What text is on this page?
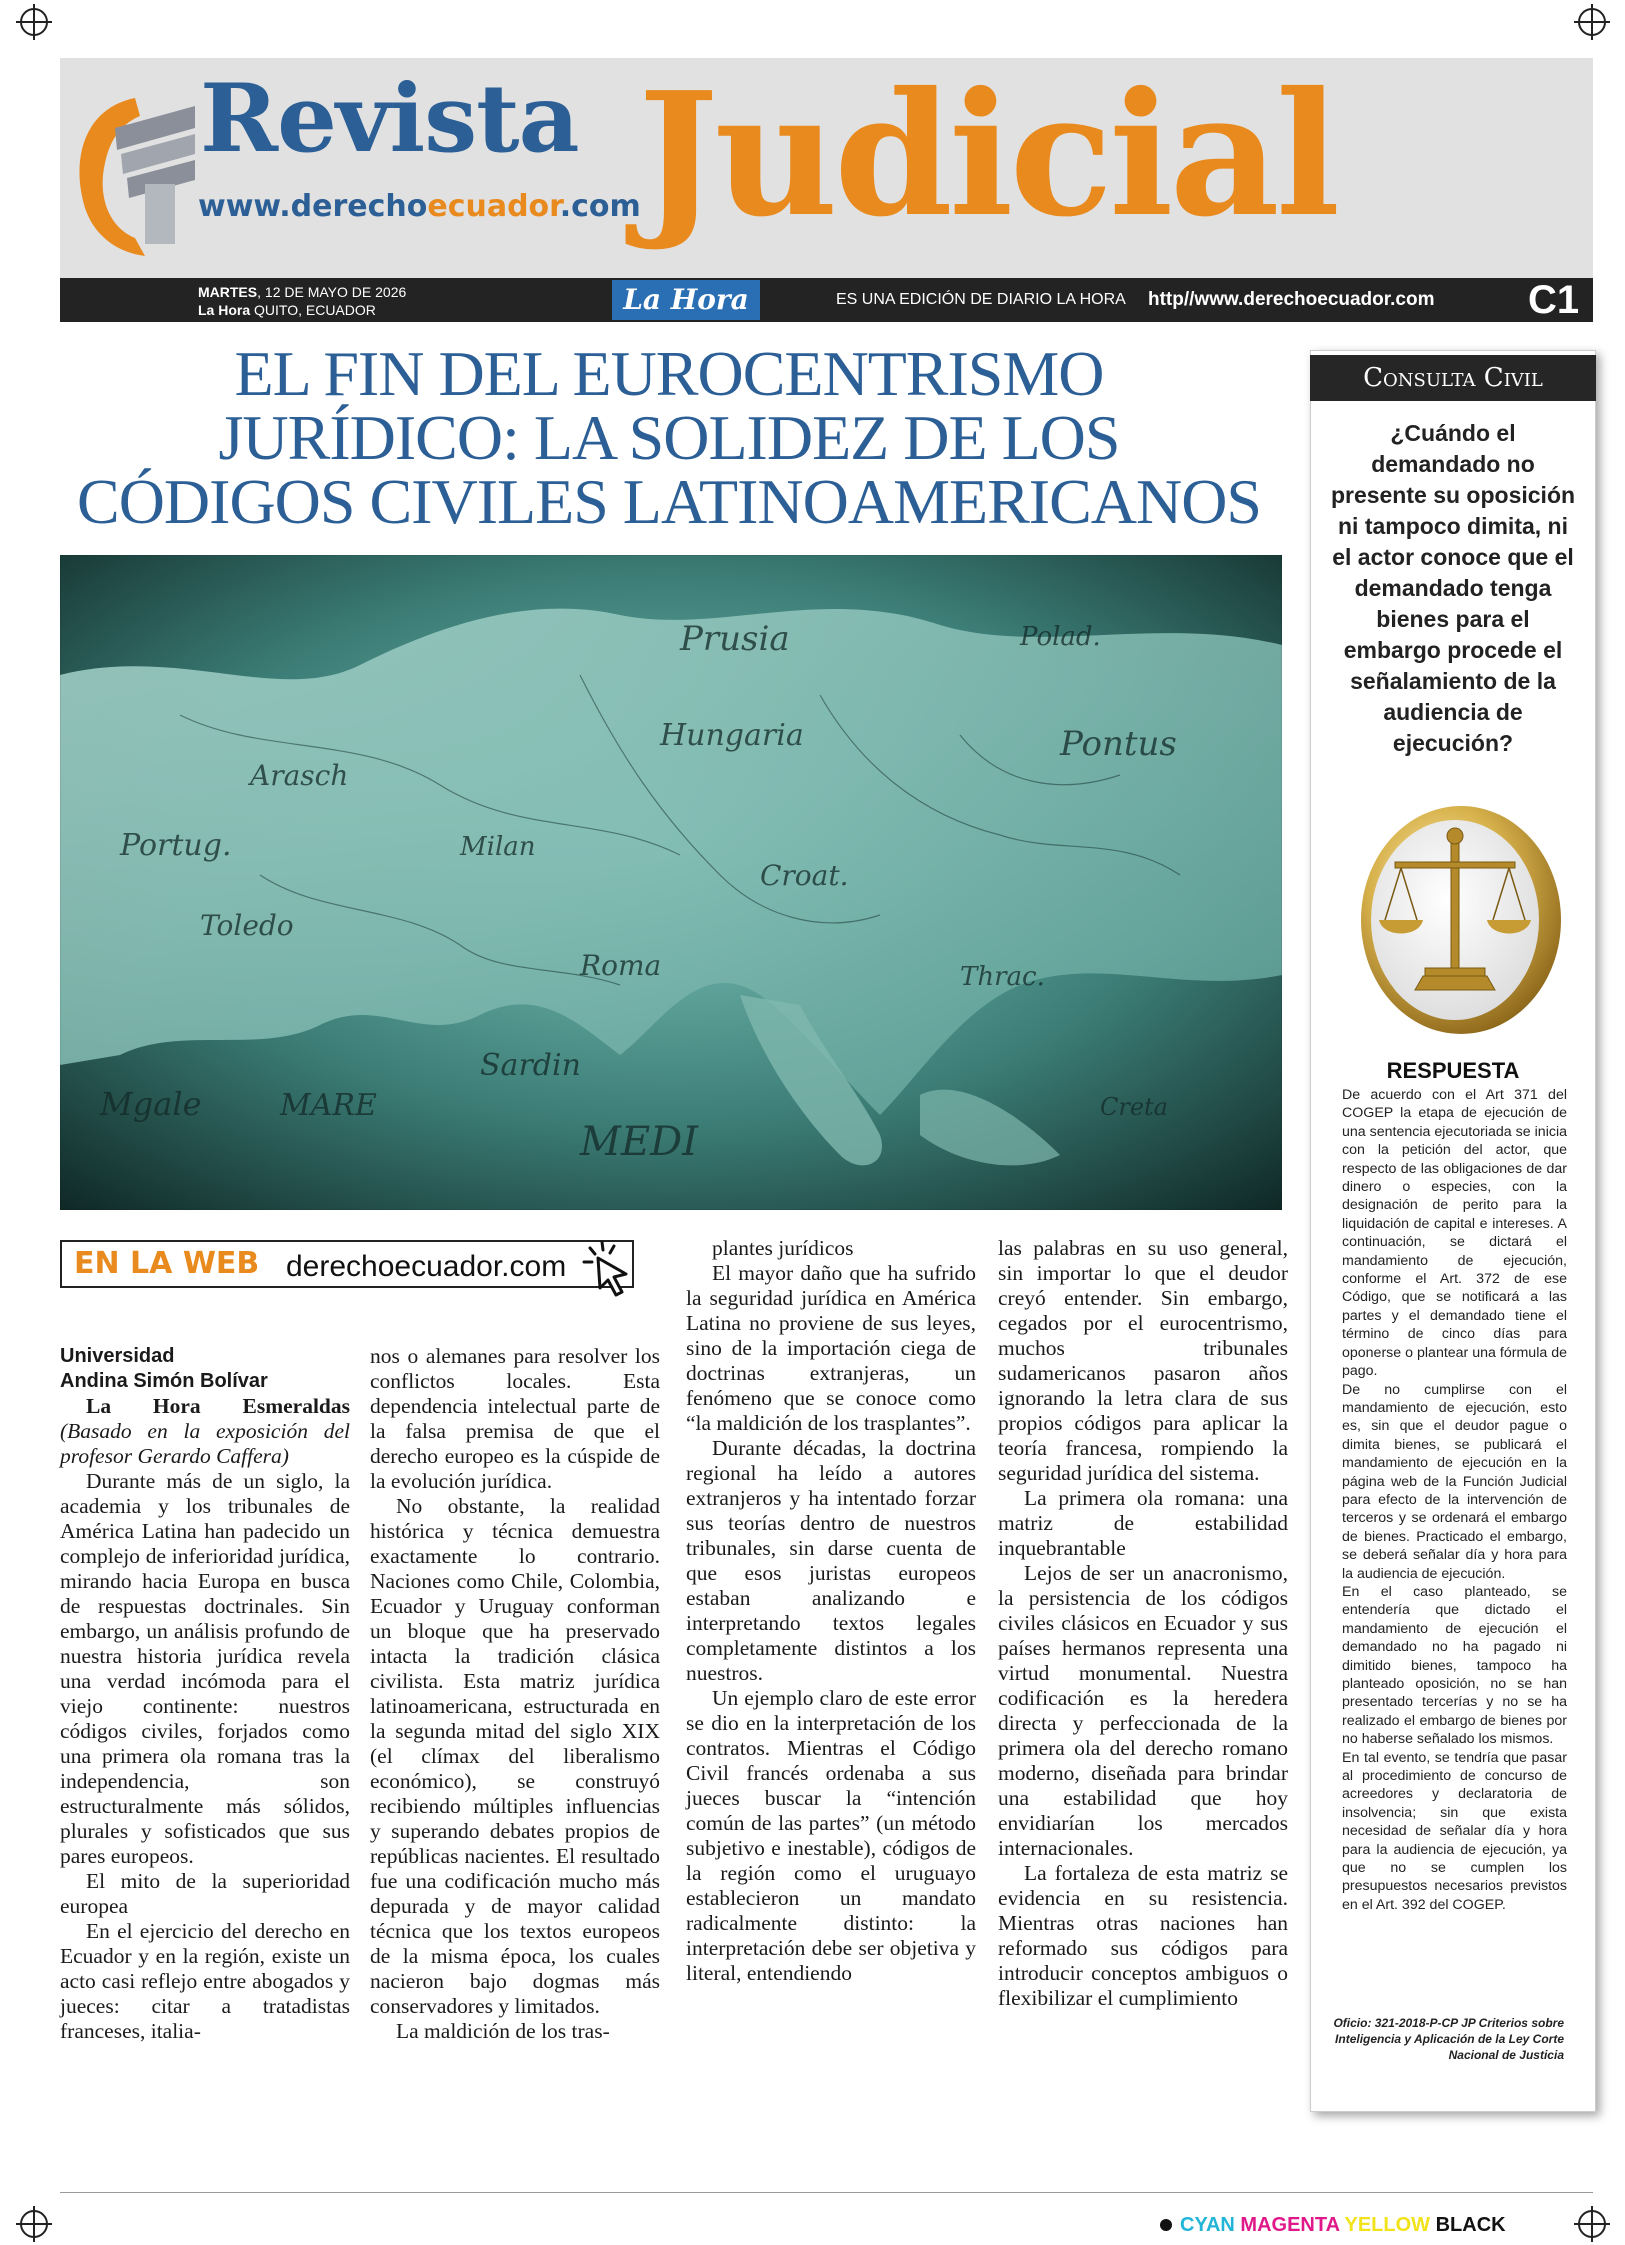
Revista
www.derechoecuador.com
Judicial
MARTES, 12 DE MAYO DE 2026
La Hora QUITO, ECUADOR	La Hora	ES UNA EDICIÓN DE DIARIO LA HORA http//www.derechoecuador.com C1
EL FIN DEL EUROCENTRISMO
JURÍDICO: LA SOLIDEZ DE LOS
CÓDIGOS CIVILES LATINOAMERICANOS
Prusia	Polad.
Pontus
Hungaria
Arasch
Portug.
Toledo
Milan
Croat.
Roma
Sardin
MEDI
Mgale	MARE
Thrac.
Creta
EN LA WEB derechoecuador.com
Universidad
Andina Simón Bolívar

La Hora Esmeraldas (Basado en la exposición del profesor Gerardo Caffera)

Durante más de un siglo, la academia y los tribunales de América Latina han padecido un complejo de inferioridad jurídica, mirando hacia Europa en busca de respuestas doctrinales. Sin embargo, un análisis profundo de nuestra historia jurídica revela una verdad incómoda para el viejo continente: nuestros códigos civiles, forjados como una primera ola romana tras la independencia, son estructuralmente más sólidos, plurales y sofisticados que sus pares europeos.

El mito de la superioridad europea

En el ejercicio del derecho en Ecuador y en la región, existe un acto casi reflejo entre abogados y jueces: citar a tratadistas franceses, italia-

nos o alemanes para resolver los conflictos locales. Esta dependencia intelectual parte de la falsa premisa de que el derecho europeo es la cúspide de la evolución jurídica.

No obstante, la realidad histórica y técnica demuestra exactamente lo contrario. Naciones como Chile, Colombia, Ecuador y Uruguay conforman un bloque que ha preservado intacta la tradición clásica civilista. Esta matriz jurídica latinoamericana, estructurada en la segunda mitad del siglo XIX (el clímax del liberalismo económico), se construyó recibiendo múltiples influencias y superando debates propios de repúblicas nacientes. El resultado fue una codificación mucho más depurada y de mayor calidad técnica que los textos europeos de la misma época, los cuales nacieron bajo dogmas más conservadores y limitados.

La maldición de los tras-

plantes jurídicos

El mayor daño que ha sufrido la seguridad jurídica en América Latina no proviene de sus leyes, sino de la importación ciega de doctrinas extranjeras, un fenómeno que se conoce como “la maldición de los trasplantes”.

Durante décadas, la doctrina regional ha leído a autores extranjeros y ha intentado forzar sus teorías dentro de nuestros tribunales, sin darse cuenta de que esos juristas europeos estaban analizando e interpretando textos legales completamente distintos a los nuestros.

Un ejemplo claro de este error se dio en la interpretación de los contratos. Mientras el Código Civil francés ordenaba a sus jueces buscar la “intención común de las partes” (un método subjetivo e inestable), códigos de la región como el uruguayo establecieron un mandato radicalmente distinto: la interpretación debe ser objetiva y literal, entendiendo

las palabras en su uso general, sin importar lo que el deudor creyó entender. Sin embargo, cegados por el eurocentrismo, muchos tribunales sudamericanos pasaron años ignorando la letra clara de sus propios códigos para aplicar la teoría francesa, rompiendo la seguridad jurídica del sistema.

La primera ola romana: una matriz de estabilidad inquebrantable

Lejos de ser un anacronismo, la persistencia de los códigos civiles clásicos en Ecuador y sus países hermanos representa una virtud monumental. Nuestra codificación es la heredera directa y perfeccionada de la primera ola del derecho romano moderno, diseñada para brindar una estabilidad que hoy envidiarían los mercados internacionales.

La fortaleza de esta matriz se evidencia en su resistencia. Mientras otras naciones han reformado sus códigos para introducir conceptos ambiguos o flexibilizar el cumplimiento

Consulta Civil
¿Cuándo el demandado no presente su oposición ni tampoco dimita, ni el actor conoce que el demandado tenga bienes para el embargo procede el señalamiento de la audiencia de ejecución?
RESPUESTA

De acuerdo con el Art 371 del COGEP la etapa de ejecución de una sentencia ejecutoriada se inicia con la petición del actor, que respecto de las obligaciones de dar dinero o especies, con la designación de perito para la liquidación de capital e intereses. A continuación, se dictará el mandamiento de ejecución, conforme el Art. 372 de ese Código, que se notificará a las partes y el demandado tiene el término de cinco días para oponerse o plantear una fórmula de pago.

De no cumplirse con el mandamiento de ejecución, esto es, sin que el deudor pague o dimita bienes, se publicará el mandamiento de ejecución en la página web de la Función Judicial para efecto de la intervención de terceros y se ordenará el embargo de bienes. Practicado el embargo, se deberá señalar día y hora para la audiencia de ejecución.

En el caso planteado, se entendería que dictado el mandamiento de ejecución el demandado no ha pagado ni dimitido bienes, tampoco ha planteado oposición, no se han presentado tercerías y no se ha realizado el embargo de bienes por no haberse señalado los mismos.

En tal evento, se tendría que pasar al procedimiento de concurso de acreedores y declaratoria de insolvencia; sin que exista necesidad de señalar día y hora para la audiencia de ejecución, ya que no se cumplen los presupuestos necesarios previstos en el Art. 392 del COGEP.

Oficio: 321-2018-P-CP JP Criterios sobre Inteligencia y Aplicación de la Ley Corte Nacional de Justicia
CYAN MAGENTA YELLOW BLACK
